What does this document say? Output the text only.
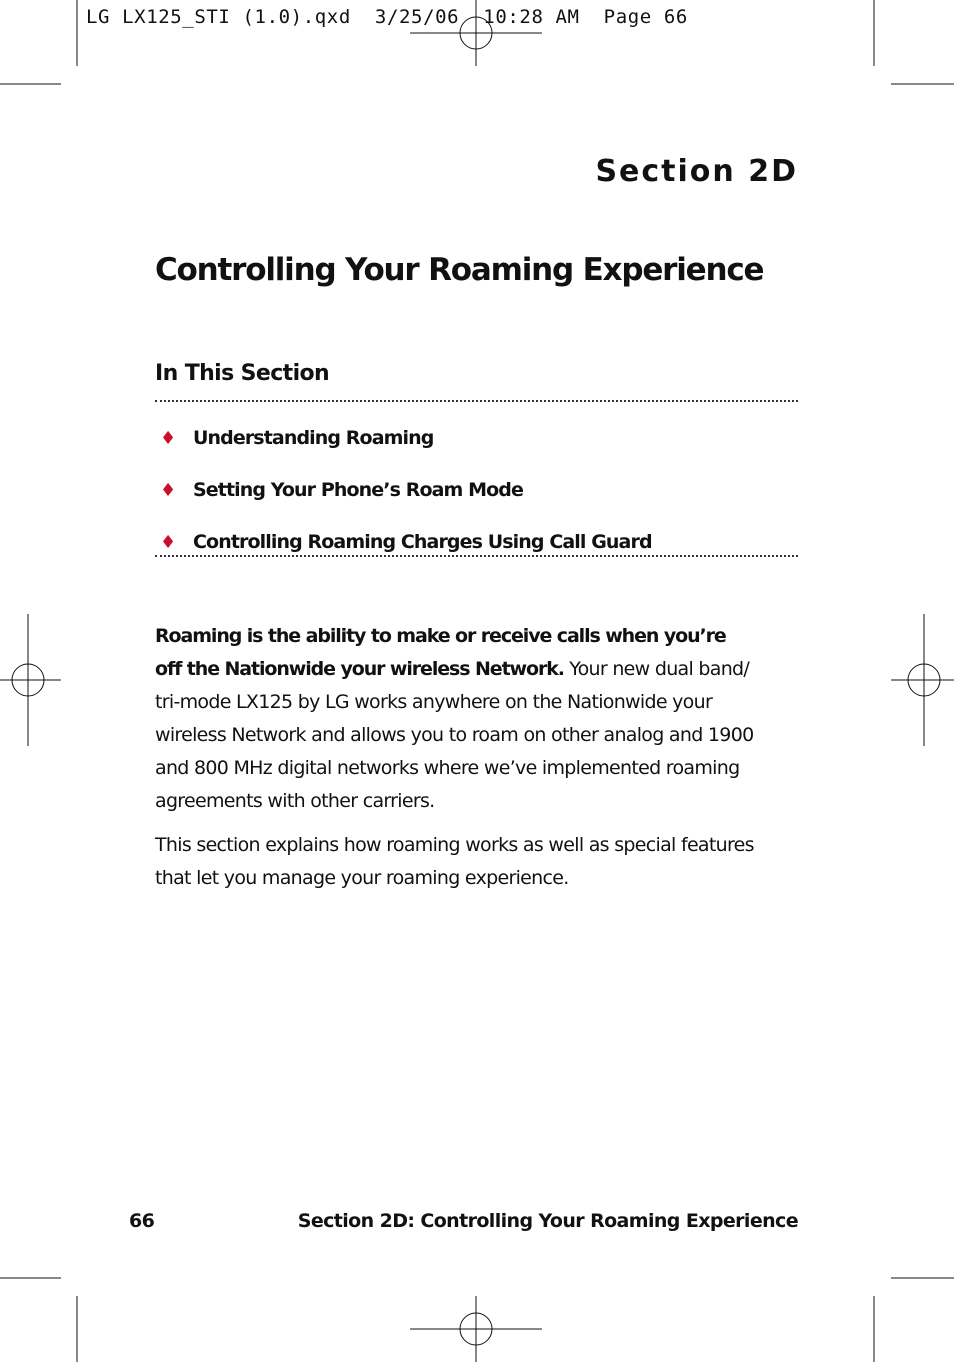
LG LX125_STI (1.0).qxd  3/25/06  10:28 AM  Page 66
Section 2D
Controlling Your Roaming Experience
In This Section
♦ Understanding Roaming
♦ Setting Your Phone’s Roam Mode
♦ Controlling Roaming Charges Using Call Guard

Roaming is the ability to make or receive calls when you’re off the Nationwide your wireless Network. Your new dual band/ tri-mode LX125 by LG works anywhere on the Nationwide your wireless Network and allows you to roam on other analog and 1900 and 800 MHz digital networks where we’ve implemented roaming agreements with other carriers.

This section explains how roaming works as well as special features that let you manage your roaming experience.

66	Section 2D: Controlling Your Roaming Experience
